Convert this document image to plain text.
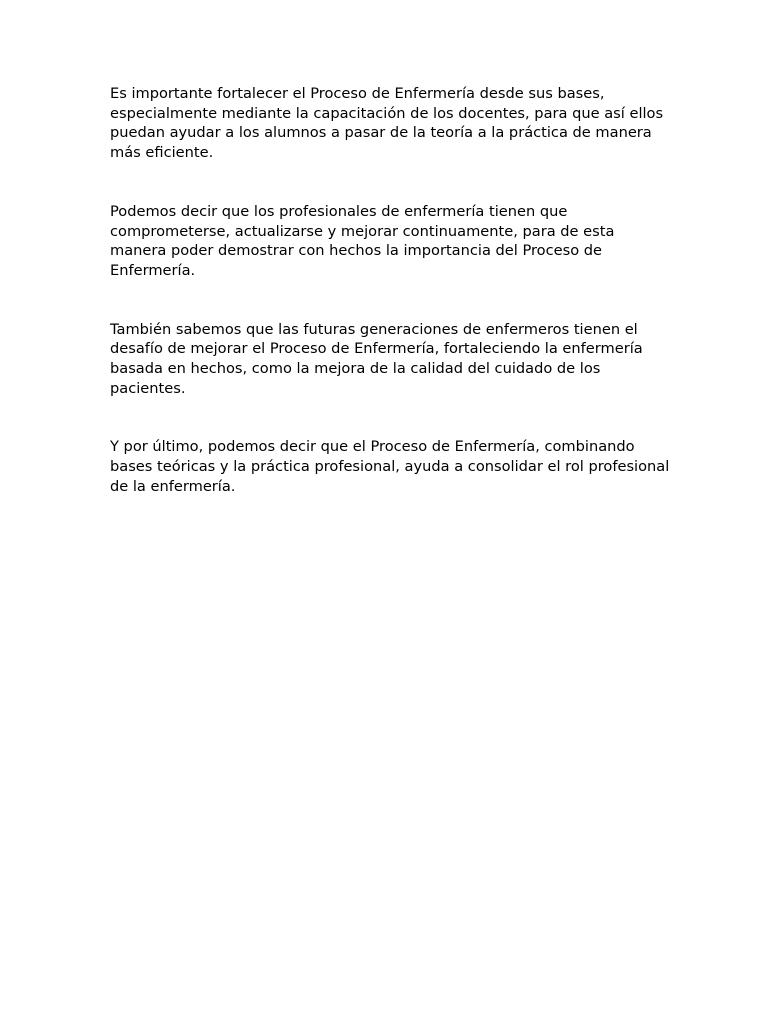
Es importante fortalecer el Proceso de Enfermería desde sus bases, especialmente mediante la capacitación de los docentes, para que así ellos puedan ayudar a los alumnos a pasar de la teoría a la práctica de manera más eficiente.

Podemos decir que los profesionales de enfermería tienen que comprometerse, actualizarse y mejorar continuamente, para de esta manera poder demostrar con hechos la importancia del Proceso de Enfermería.

También sabemos que las futuras generaciones de enfermeros tienen el desafío de mejorar el Proceso de Enfermería, fortaleciendo la enfermería basada en hechos, como la mejora de la calidad del cuidado de los pacientes.

Y por último, podemos decir que el Proceso de Enfermería, combinando bases teóricas y la práctica profesional, ayuda a consolidar el rol profesional de la enfermería.
